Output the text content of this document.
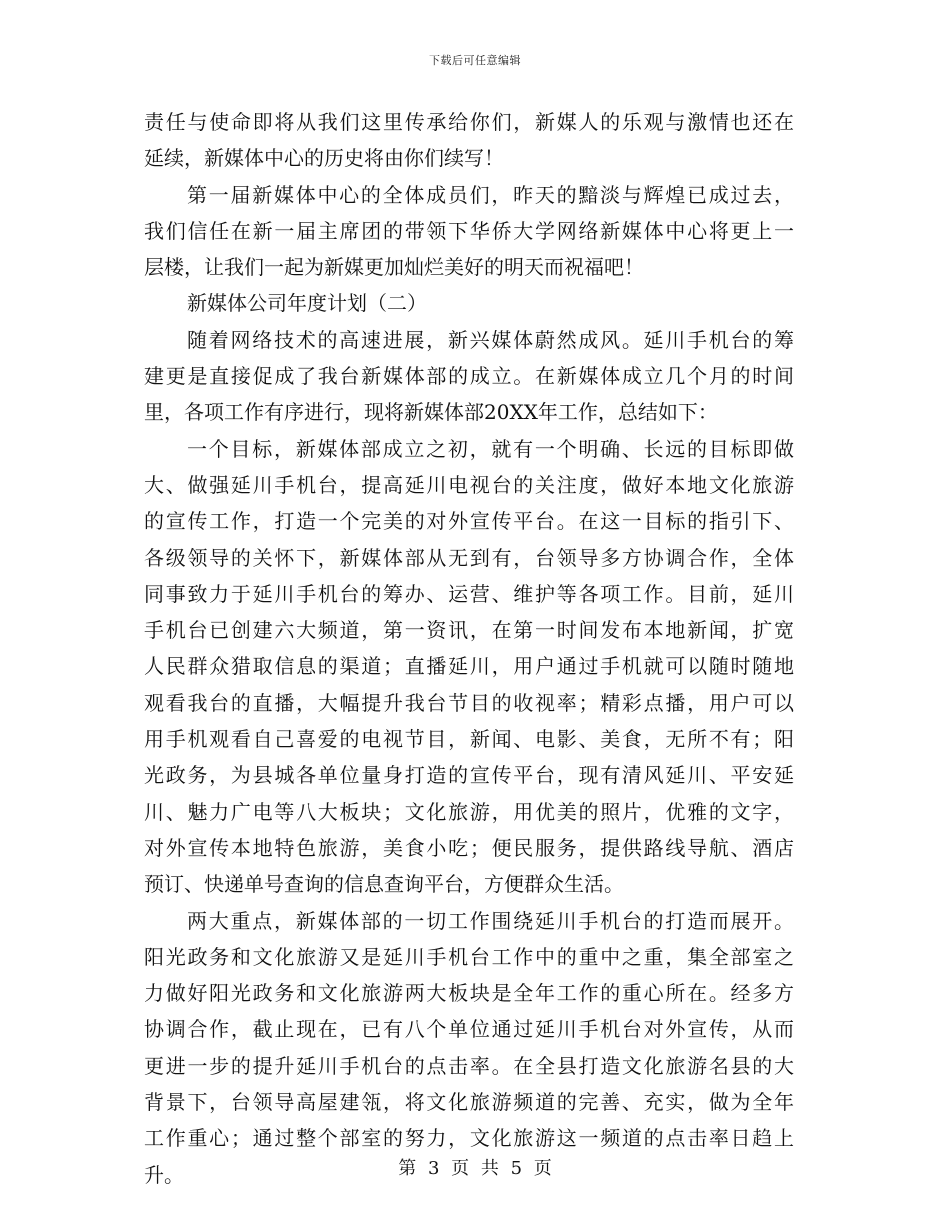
下载后可任意编辑
责任与使命即将从我们这里传承给你们，新媒人的乐观与激情也还在
延续，新媒体中心的历史将由你们续写！
第一届新媒体中心的全体成员们，昨天的黯淡与辉煌已成过去，
我们信任在新一届主席团的带领下华侨大学网络新媒体中心将更上一
层楼，让我们一起为新媒更加灿烂美好的明天而祝福吧！
新媒体公司年度计划（二）
随着网络技术的高速进展，新兴媒体蔚然成风。延川手机台的筹
建更是直接促成了我台新媒体部的成立。在新媒体成立几个月的时间
里，各项工作有序进行，现将新媒体部20XX年工作，总结如下：
一个目标，新媒体部成立之初，就有一个明确、长远的目标即做
大、做强延川手机台，提高延川电视台的关注度，做好本地文化旅游
的宣传工作，打造一个完美的对外宣传平台。在这一目标的指引下、
各级领导的关怀下，新媒体部从无到有，台领导多方协调合作，全体
同事致力于延川手机台的筹办、运营、维护等各项工作。目前，延川
手机台已创建六大频道，第一资讯，在第一时间发布本地新闻，扩宽
人民群众猎取信息的渠道；直播延川，用户通过手机就可以随时随地
观看我台的直播，大幅提升我台节目的收视率；精彩点播，用户可以
用手机观看自己喜爱的电视节目，新闻、电影、美食，无所不有；阳
光政务，为县城各单位量身打造的宣传平台，现有清风延川、平安延
川、魅力广电等八大板块；文化旅游，用优美的照片，优雅的文字，
对外宣传本地特色旅游，美食小吃；便民服务，提供路线导航、酒店
预订、快递单号查询的信息查询平台，方便群众生活。
两大重点，新媒体部的一切工作围绕延川手机台的打造而展开。
阳光政务和文化旅游又是延川手机台工作中的重中之重，集全部室之
力做好阳光政务和文化旅游两大板块是全年工作的重心所在。经多方
协调合作，截止现在，已有八个单位通过延川手机台对外宣传，从而
更进一步的提升延川手机台的点击率。在全县打造文化旅游名县的大
背景下，台领导高屋建瓴，将文化旅游频道的完善、充实，做为全年
工作重心；通过整个部室的努力，文化旅游这一频道的点击率日趋上
升。	第 3 页 共 5 页
